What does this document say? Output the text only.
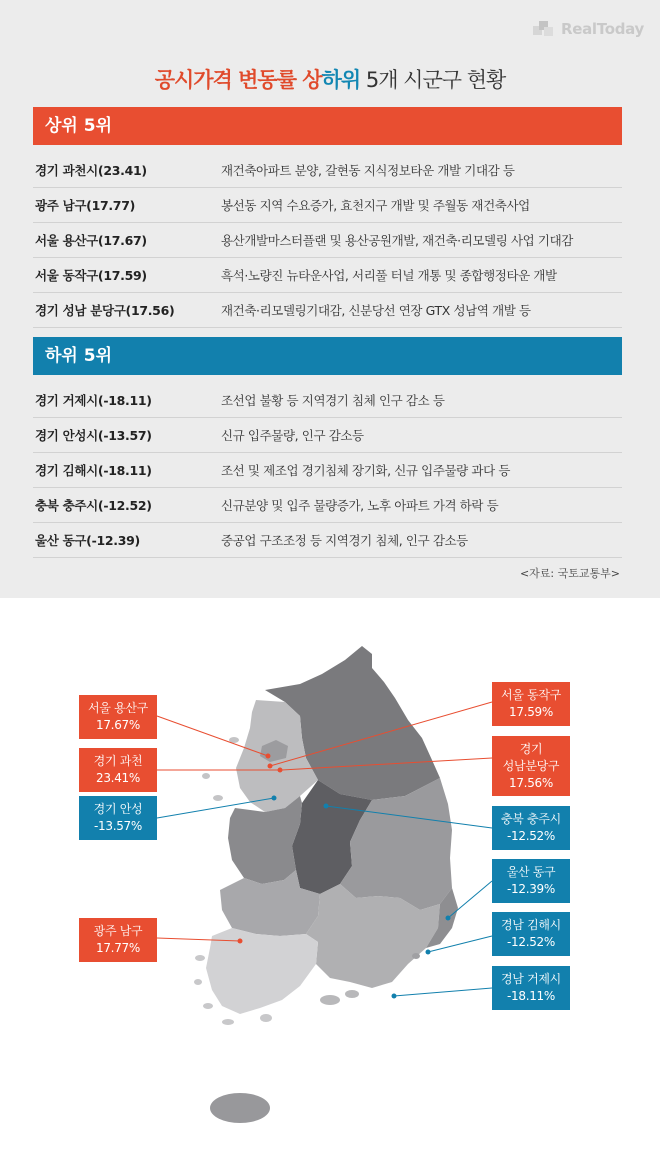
RealToday
공시가격 변동률 상하위 5개 시군구 현황
상위 5위
경기 과천시(23.41)	재건축아파트 분양, 갈현동 지식정보타운 개발 기대감 등
광주 남구(17.77)	봉선동 지역 수요증가, 효천지구 개발 및 주월동 재건축사업
서울 용산구(17.67)	용산개발마스터플랜 및 용산공원개발, 재건축·리모델링 사업 기대감
서울 동작구(17.59)	흑석·노량진 뉴타운사업, 서리풀 터널 개통 및 종합행정타운 개발
경기 성남 분당구(17.56)	재건축·리모델링기대감, 신분당선 연장 GTX 성남역 개발 등
하위 5위
경기 거제시(-18.11)	조선업 불황 등 지역경기 침체 인구 감소 등
경기 안성시(-13.57)	신규 입주물량, 인구 감소등
경기 김해시(-18.11)	조선 및 제조업 경기침체 장기화, 신규 입주물량 과다 등
충북 충주시(-12.52)	신규분양 및 입주 물량증가, 노후 아파트 가격 하락 등
울산 동구(-12.39)	중공업 구조조정 등 지역경기 침체, 인구 감소등
<자료: 국토교통부>
서울 용산구
17.67%
경기 과천
23.41%
경기 안성
-13.57%
광주 남구
17.77%
서울 동작구
17.59%
경기
성남분당구
17.56%
충북 충주시
-12.52%
울산 동구
-12.39%
경남 김해시
-12.52%
경남 거제시
-18.11%
